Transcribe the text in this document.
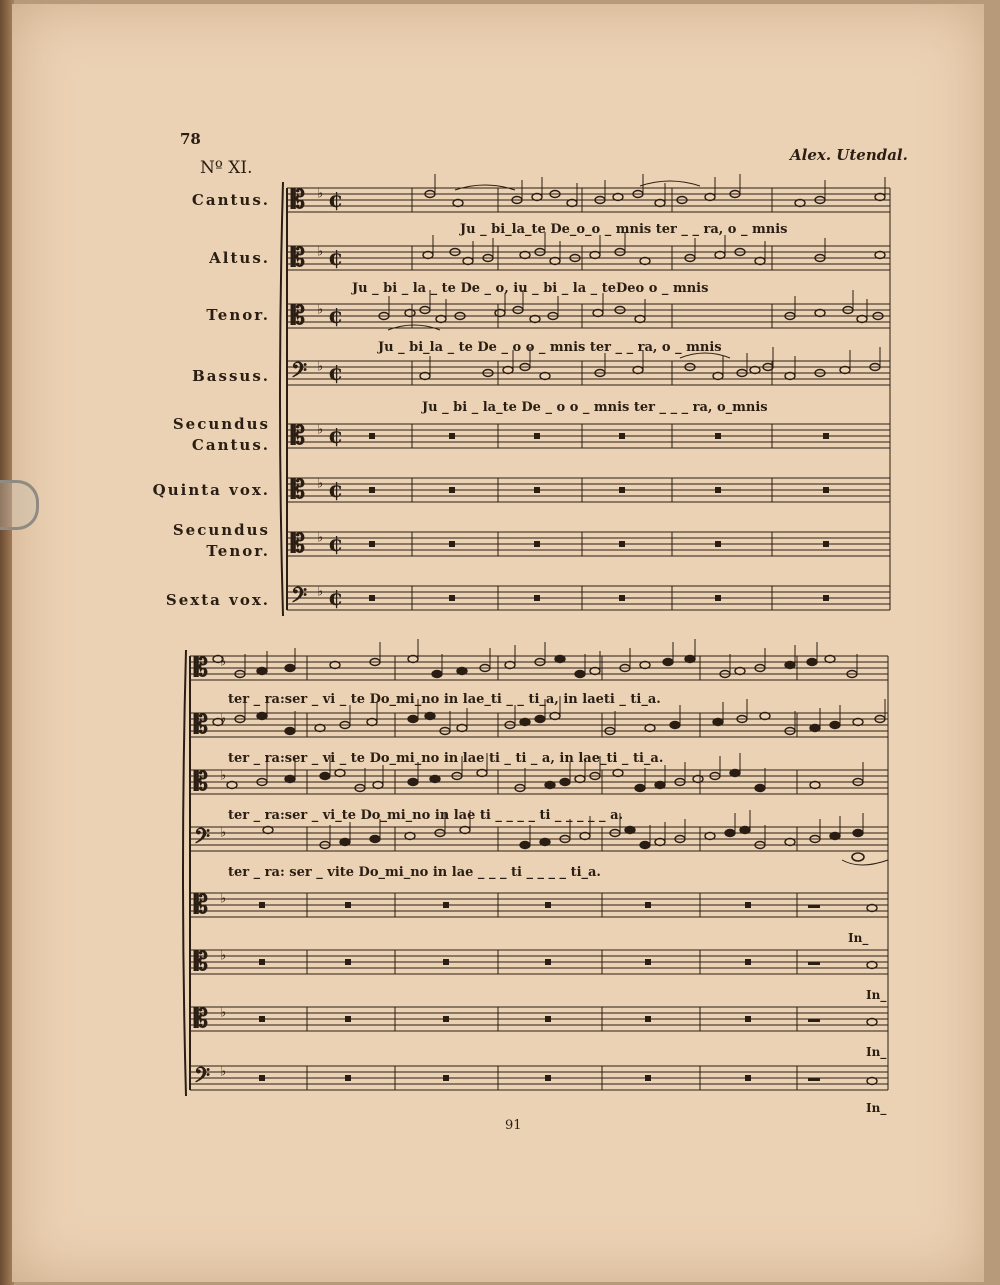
78
Nº XI.
Alex. Utendal.
91
Cantus.
Altus.
Tenor.
Bassus.
Secundus Cantus.
Quinta vox.
Secundus Tenor.
Sexta vox.
𝄡 ♭
𝄡 ♭
𝄡 ♭
𝄢 ♭
𝄡 ♭
𝄡 ♭
𝄡 ♭
𝄢 ♭
¢
¢
¢
¢
¢
¢
¢
¢
𝄡 ♭
𝄡 ♭
𝄡 ♭
𝄢 ♭
𝄡 ♭
𝄡 ♭
𝄡 ♭
𝄢 ♭
Ju _ bi_la_te De_o_o _ mnis ter _ _ ra, o _ mnis
Ju _ bi _ la _ te De _ o, iu _ bi _ la _ teDeo o _ mnis
Ju _ bi_la _ te De _ o o _ mnis ter _ _ ra, o _ mnis
Ju _ bi _ la_te De _ o o _ mnis ter _ _ _ ra, o_mnis
ter _ ra:ser _ vi _ te Do_mi_no in lae_ti _ _ ti_a, in laeti _ ti_a.
ter _ ra:ser _ vi _ te Do_mi_no in lae ti _ ti _ a, in lae_ti _ ti_a.
ter _ ra:ser _ vi_te Do_mi_no in lae ti _ _ _ _ ti _ _ _ _ _ a.
ter _ ra: ser _ vite Do_mi_no in lae _ _ _ ti _ _ _ _ ti_a.
In_
In_
In_
In_
